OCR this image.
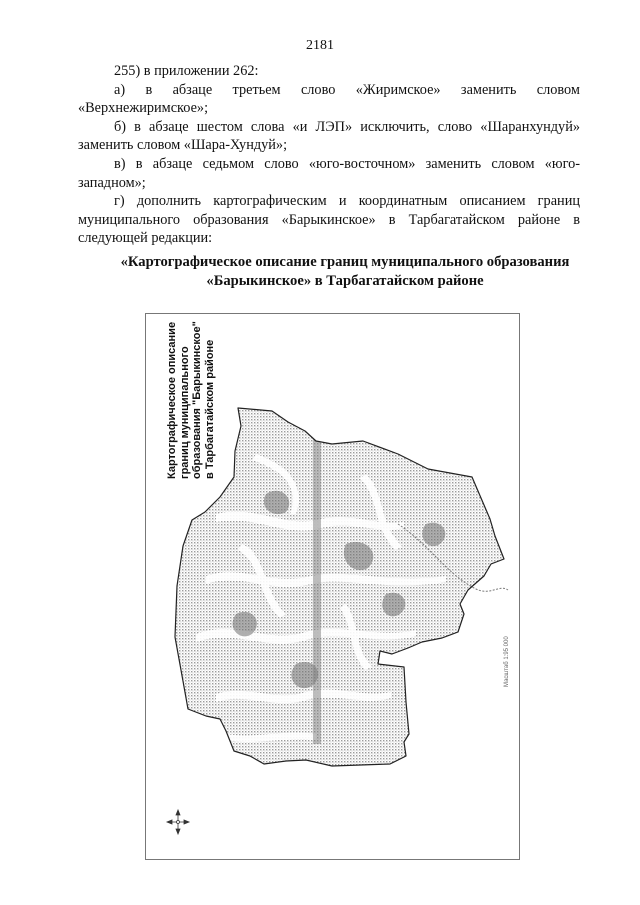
2181

255) в приложении 262:

а) в абзаце третьем слово «Жиримское» заменить словом

«Верхнежиримское»;

б) в абзаце шестом слова «и ЛЭП» исключить, слово «Шаранхундуй» заменить словом «Шара-Хундуй»;

в) в абзаце седьмом слово «юго-восточном» заменить словом «юго-западном»;

г) дополнить картографическим и координатным описанием границ муниципального образования «Барыкинское» в Тарбагатайском районе в следующей редакции:

«Картографическое описание границ муниципального образования
«Барыкинское» в Тарбагатайском районе
Картографическое описание границ муниципального образования "Барыкинское" в Тарбагатайском районе
Масштаб 1:95 000
